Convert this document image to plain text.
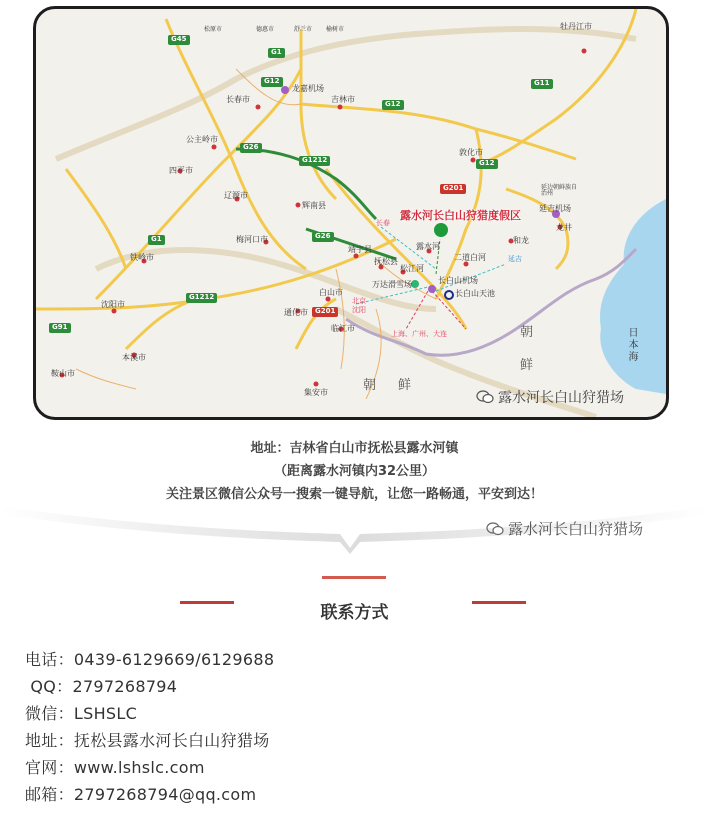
长春市	吉林市
公主岭市
四平市
辽源市
梅河口市
辉南县
铁岭市
沈阳市
本溪市
鞍山市
通化市
白山市
临江市
集安市
靖宇县
抚松县
松江河
露水河
二道白河
敦化市
和龙
龙井
延吉机场
延边朝鲜族自治州
牡丹江市
龙嘉机场
长白山机场
万达滑雪场
长白山天池
松原市	德惠市	舒兰市 榆树市
G45
G1
G12
G12
G11
G26
G1212
G201
G1
G1212
G26
G201
G91
G12
长春
北京
沈阳
上海、广州、大连
延吉
朝
鲜
朝 鲜
日本海
露水河长白山狩猎度假区
露水河长白山狩猎场
地址：吉林省白山市抚松县露水河镇
（距离露水河镇内32公里）
关注景区微信公众号一搜索一键导航，让您一路畅通，平安到达！
露水河长白山狩猎场
联系方式
电话：0439-6129669/6129688
QQ：2797268794
微信：LSHSLC
地址：抚松县露水河长白山狩猎场
官网：www.lshslc.com
邮箱：2797268794@qq.com
